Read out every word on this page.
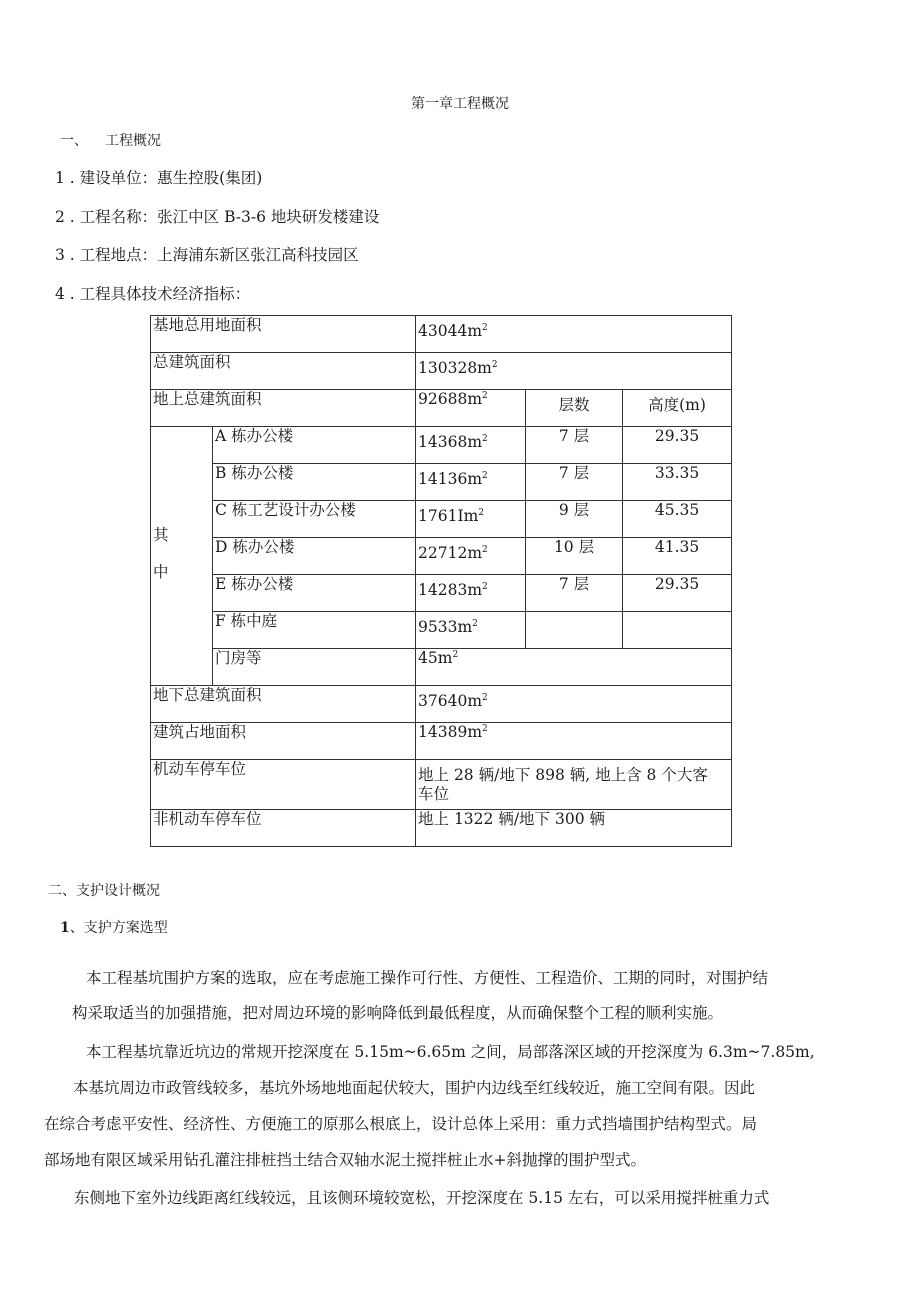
第一章工程概况
一、 工程概况
1 . 建设单位：惠生控股(集团)
2 . 工程名称：张江中区 B-3-6 地块研发楼建设
3 . 工程地点：上海浦东新区张江高科技园区
4 . 工程具体技术经济指标：
基地总用地面积		$43044m^2$
总建筑面积		$130328m^2$
地上总建筑面积		$92688m^2$	层数	高度(m)
其
中	A 栋办公楼	$14368m^2$	7 层	29.35
	B 栋办公楼	$14136m^2$	7 层	33.35
	C 栋工艺设计办公楼	1761Im$^2$	9 层	45.35
	D 栋办公楼	$22712m^2$	10 层	41.35
	E 栋办公楼	$14283m^2$	7 层	29.35
	F 栋中庭	$9533m^2$		
	门房等	$45m^2$
地下总建筑面积		$37640m^2$
建筑占地面积		$14389m^2$
机动车停车位		地上 28 辆/地下 898 辆, 地上含 8 个大客
车位		
非机动车停车位		地上 1322 辆/地下 300 辆		
二、支护设计概况
1、支护方案选型
本工程基坑围护方案的选取，应在考虑施工操作可行性、方便性、工程造价、工期的同时，对围护结
构采取适当的加强措施，把对周边环境的影响降低到最低程度，从而确保整个工程的顺利实施。
本工程基坑靠近坑边的常规开挖深度在 5.15m~6.65m 之间，局部落深区域的开挖深度为 6.3m~7.85m,
本基坑周边市政管线较多，基坑外场地地面起伏较大，围护内边线至红线较近，施工空间有限。因此
在综合考虑平安性、经济性、方便施工的原那么根底上，设计总体上采用：重力式挡墙围护结构型式。局
部场地有限区域采用钻孔灌注排桩挡土结合双轴水泥土搅拌桩止水+斜抛撑的围护型式。
东侧地下室外边线距离红线较远，且该侧环境较宽松，开挖深度在 5.15 左右，可以采用搅拌桩重力式
